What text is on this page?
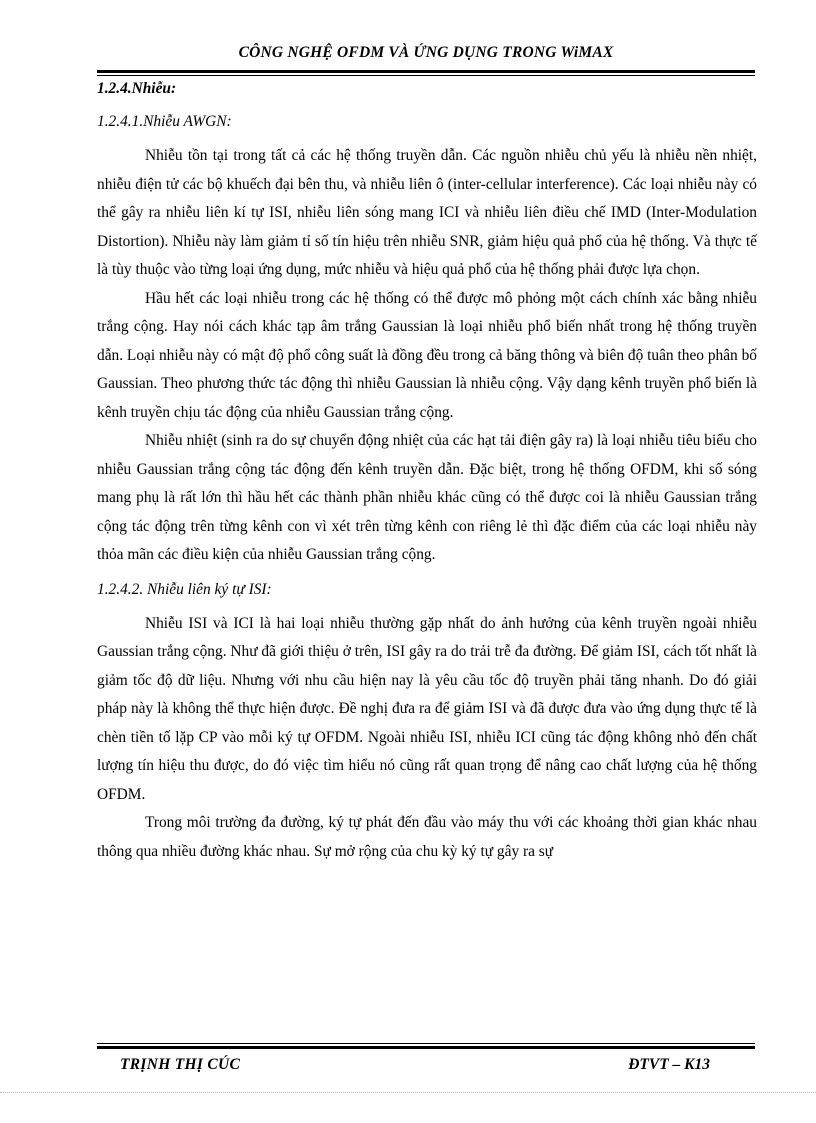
CÔNG NGHỆ OFDM VÀ ỨNG DỤNG TRONG WiMAX
1.2.4.Nhiễu:
1.2.4.1.Nhiễu AWGN:

Nhiễu tồn tại trong tất cả các hệ thống truyền dẫn. Các nguồn nhiễu chủ yếu là nhiễu nền nhiệt, nhiễu điện tử các bộ khuếch đại bên thu, và nhiễu liên ô (inter-cellular interference). Các loại nhiễu này có thể gây ra nhiễu liên kí tự ISI, nhiễu liên sóng mang ICI và nhiễu liên điều chế IMD (Inter-Modulation Distortion). Nhiễu này làm giảm tỉ số tín hiệu trên nhiễu SNR, giảm hiệu quả phổ của hệ thống. Và thực tế là tùy thuộc vào từng loại ứng dụng, mức nhiễu và hiệu quả phổ của hệ thống phải được lựa chọn.

Hầu hết các loại nhiễu trong các hệ thống có thể được mô phỏng một cách chính xác bằng nhiễu trắng cộng. Hay nói cách khác tạp âm trắng Gaussian là loại nhiễu phổ biến nhất trong hệ thống truyền dẫn. Loại nhiễu này có mật độ phổ công suất là đồng đều trong cả băng thông và biên độ tuân theo phân bố Gaussian. Theo phương thức tác động thì nhiễu Gaussian là nhiễu cộng. Vậy dạng kênh truyền phổ biến là kênh truyền chịu tác động của nhiễu Gaussian trắng cộng.

Nhiễu nhiệt (sinh ra do sự chuyển động nhiệt của các hạt tải điện gây ra) là loại nhiễu tiêu biểu cho nhiễu Gaussian trắng cộng tác động đến kênh truyền dẫn. Đặc biệt, trong hệ thống OFDM, khi số sóng mang phụ là rất lớn thì hầu hết các thành phần nhiễu khác cũng có thể được coi là nhiễu Gaussian trắng cộng tác động trên từng kênh con vì xét trên từng kênh con riêng lẻ thì đặc điểm của các loại nhiễu này thỏa mãn các điều kiện của nhiễu Gaussian trắng cộng.

1.2.4.2. Nhiễu liên ký tự ISI:

Nhiễu ISI và ICI là hai loại nhiễu thường gặp nhất do ảnh hưởng của kênh truyền ngoài nhiễu Gaussian trắng cộng. Như đã giới thiệu ở trên, ISI gây ra do trải trễ đa đường. Để giảm ISI, cách tốt nhất là giảm tốc độ dữ liệu. Nhưng với nhu cầu hiện nay là yêu cầu tốc độ truyền phải tăng nhanh. Do đó giải pháp này là không thể thực hiện được. Đề nghị đưa ra để giảm ISI và đã được đưa vào ứng dụng thực tế là chèn tiền tố lặp CP vào mỗi ký tự OFDM. Ngoài nhiễu ISI, nhiễu ICI cũng tác động không nhỏ đến chất lượng tín hiệu thu được, do đó việc tìm hiểu nó cũng rất quan trọng để nâng cao chất lượng của hệ thống OFDM.

Trong môi trường đa đường, ký tự phát đến đầu vào máy thu với các khoảng thời gian khác nhau thông qua nhiều đường khác nhau. Sự mở rộng của chu kỳ ký tự gây ra sự

TRỊNH THỊ CÚC	ĐTVT – K13
